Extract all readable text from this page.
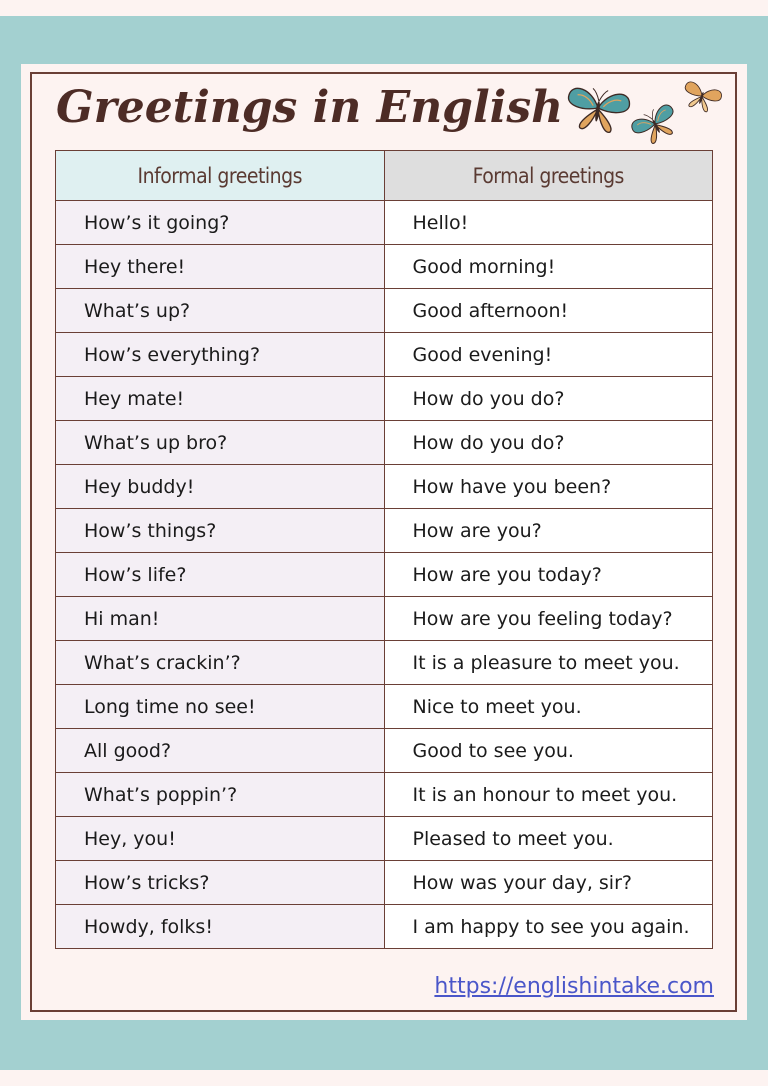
Greetings in English
Informal greetings	Formal greetings
How’s it going?	Hello!
Hey there!	Good morning!
What’s up?	Good afternoon!
How’s everything?	Good evening!
Hey mate!	How do you do?
What’s up bro?	How do you do?
Hey buddy!	How have you been?
How’s things?	How are you?
How’s life?	How are you today?
Hi man!	How are you feeling today?
What’s crackin’?	It is a pleasure to meet you.
Long time no see!	Nice to meet you.
All good?	Good to see you.
What’s poppin’?	It is an honour to meet you.
Hey, you!	Pleased to meet you.
How’s tricks?	How was your day, sir?
Howdy, folks!	I am happy to see you again.
https://englishintake.com
